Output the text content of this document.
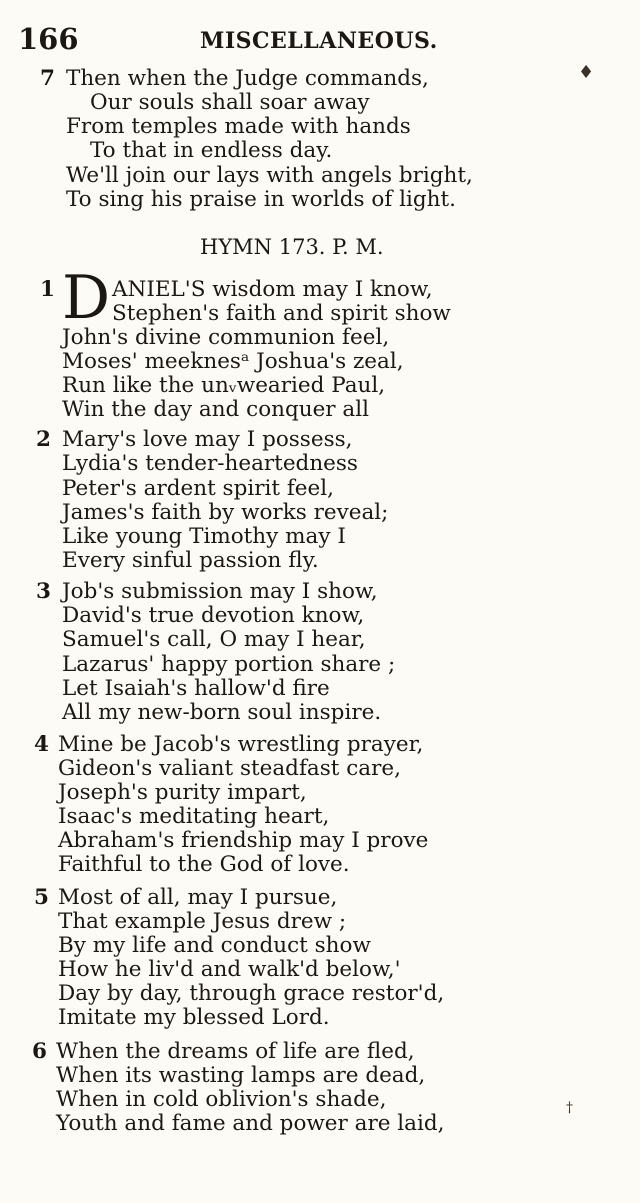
166	MISCELLANEOUS.
7 Then when the Judge commands,
Our souls shall soar away
From temples made with hands
To that in endless day.
We'll join our lays with angels bright,
To sing his praise in worlds of light.
HYMN 173. P. M.
1 D ANIEL'S wisdom may I know,
Stephen's faith and spirit show
John's divine communion feel,
Moses' meeknesᵃ Joshua's zeal,
Run like the unᵥwearied Paul,
Win the day and conquer all
2 Mary's love may I possess,
Lydia's tender-heartedness
Peter's ardent spirit feel,
James's faith by works reveal;
Like young Timothy may I
Every sinful passion fly.
3 Job's submission may I show,
David's true devotion know,
Samuel's call, O may I hear,
Lazarus' happy portion share ;
Let Isaiah's hallow'd fire
All my new-born soul inspire.
4 Mine be Jacob's wrestling prayer,
Gideon's valiant steadfast care,
Joseph's purity impart,
Isaac's meditating heart,
Abraham's friendship may I prove
Faithful to the God of love.
5 Most of all, may I pursue,
That example Jesus drew ;
By my life and conduct show
How he liv'd and walk'd below,'
Day by day, through grace restor'd,
Imitate my blessed Lord.
6 When the dreams of life are fled,
When its wasting lamps are dead,
When in cold oblivion's shade,
Youth and fame and power are laid,
♦
†
